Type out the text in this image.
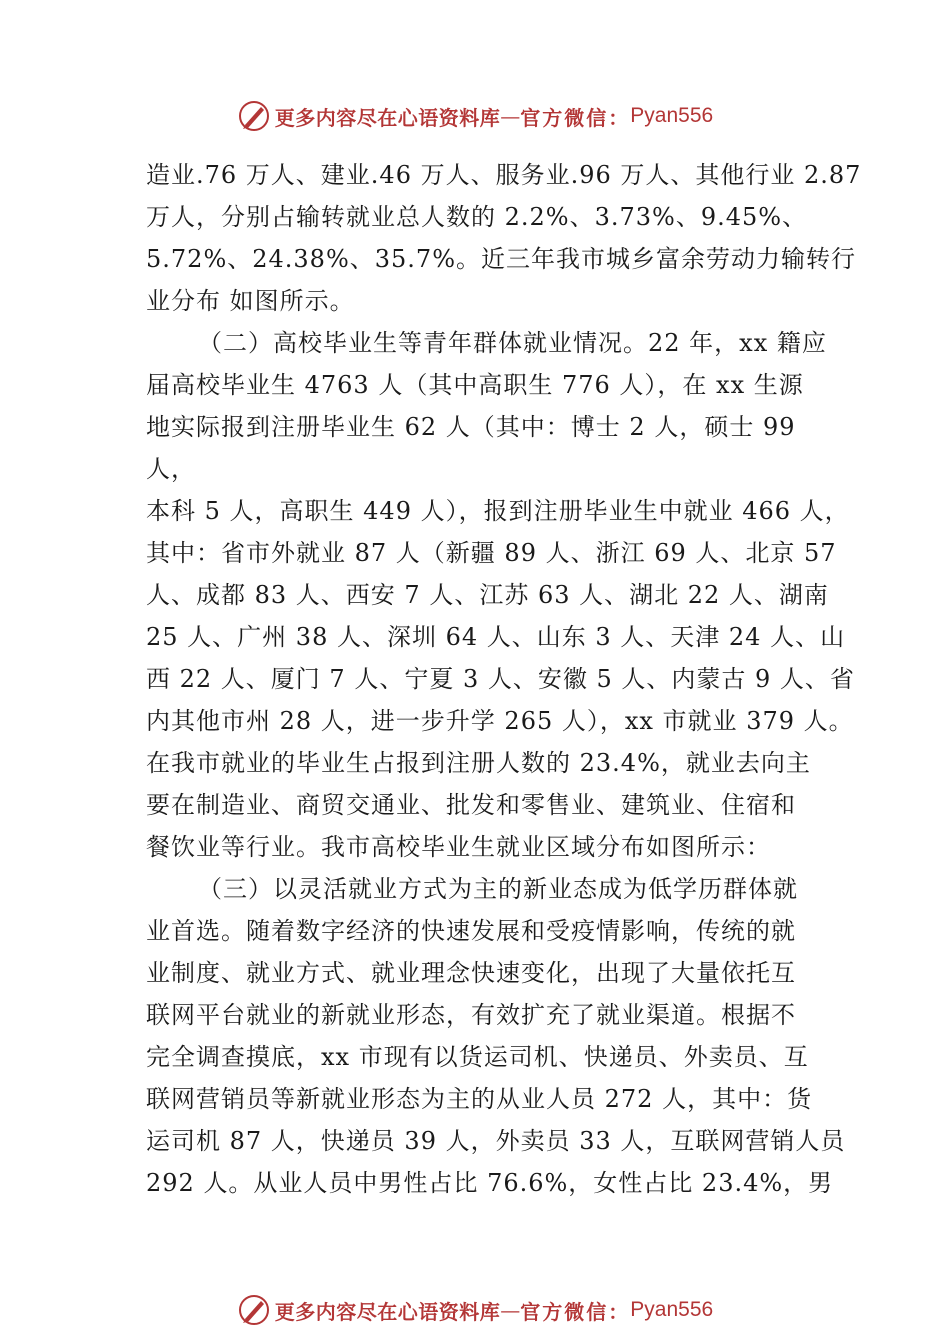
更多内容尽在心语资料库 — 官方微信： Pyan556
造业.76 万人、建业.46 万人、服务业.96 万人、其他行业 2.87
万人，分别占输转就业总人数的 2.2%、3.73%、9.45%、
5.72%、24.38%、35.7%。近三年我市城乡富余劳动力输转行
业分布 如图所示。
（二）高校毕业生等青年群体就业情况。22 年，xx 籍应
届高校毕业生 4763 人（其中高职生 776 人），在 xx 生源
地实际报到注册毕业生 62 人（其中：博士 2 人，硕士 99
人，
本科 5 人，高职生 449 人），报到注册毕业生中就业 466 人，
其中：省市外就业 87 人（新疆 89 人、浙江 69 人、北京 57
人、成都 83 人、西安 7 人、江苏 63 人、湖北 22 人、湖南
25 人、广州 38 人、深圳 64 人、山东 3 人、天津 24 人、山
西 22 人、厦门 7 人、宁夏 3 人、安徽 5 人、内蒙古 9 人、省
内其他市州 28 人，进一步升学 265 人），xx 市就业 379 人。
在我市就业的毕业生占报到注册人数的 23.4%，就业去向主
要在制造业、商贸交通业、批发和零售业、建筑业、住宿和
餐饮业等行业。我市高校毕业生就业区域分布如图所示：
（三）以灵活就业方式为主的新业态成为低学历群体就
业首选。随着数字经济的快速发展和受疫情影响，传统的就
业制度、就业方式、就业理念快速变化，出现了大量依托互
联网平台就业的新就业形态，有效扩充了就业渠道。根据不
完全调查摸底，xx 市现有以货运司机、快递员、外卖员、互
联网营销员等新就业形态为主的从业人员 272 人，其中：货
运司机 87 人，快递员 39 人，外卖员 33 人，互联网营销人员
292 人。从业人员中男性占比 76.6%，女性占比 23.4%，男
更多内容尽在心语资料库 — 官方微信： Pyan556
